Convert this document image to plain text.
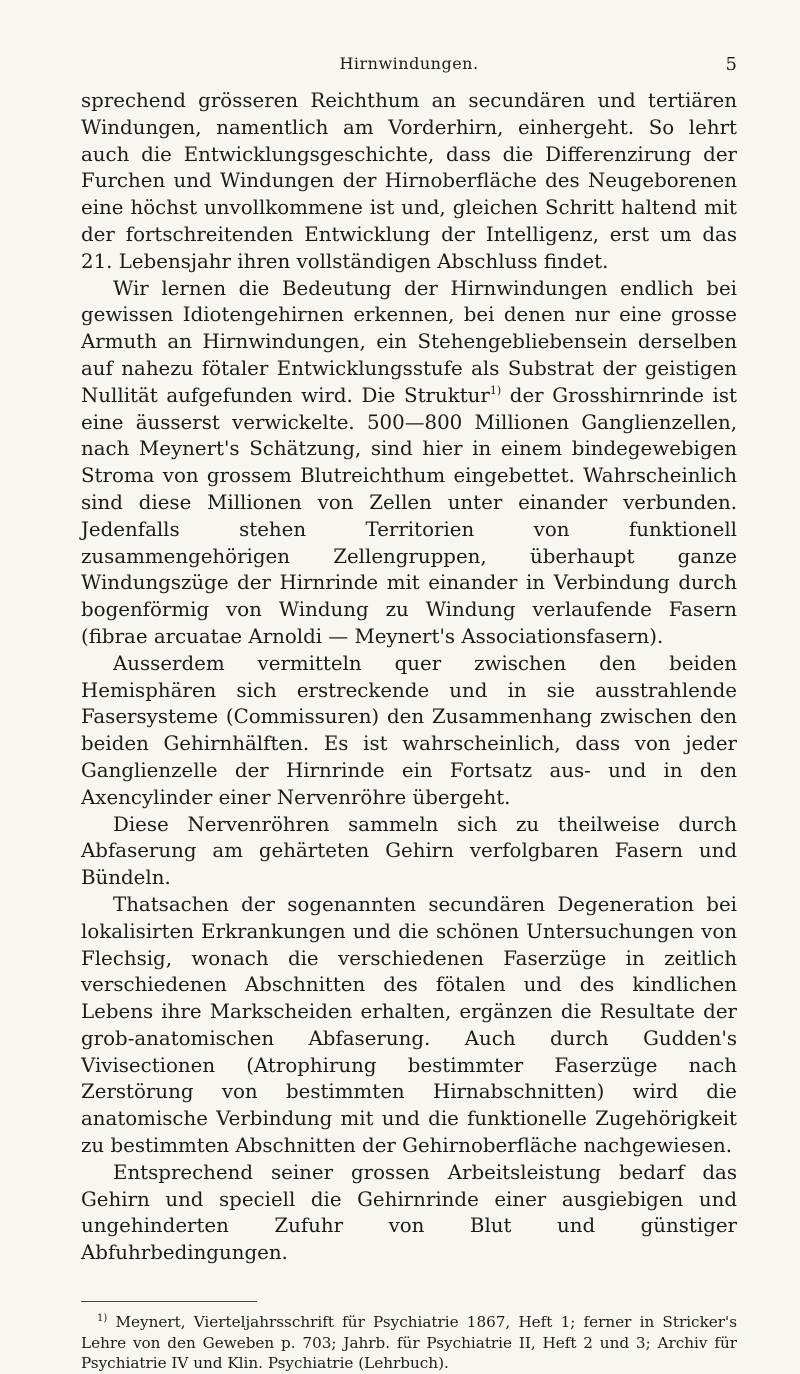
Hirnwindungen.	5

sprechend grösseren Reichthum an secundären und tertiären Windungen, namentlich am Vorderhirn, einhergeht. So lehrt auch die Entwicklungsgeschichte, dass die Differenzirung der Furchen und Windungen der Hirnoberfläche des Neugeborenen eine höchst unvollkommene ist und, gleichen Schritt haltend mit der fortschreitenden Entwicklung der Intelligenz, erst um das 21. Lebensjahr ihren vollständigen Abschluss findet.

Wir lernen die Bedeutung der Hirnwindungen endlich bei gewissen Idiotengehirnen erkennen, bei denen nur eine grosse Armuth an Hirnwindungen, ein Stehengebliebensein derselben auf nahezu fötaler Entwicklungsstufe als Substrat der geistigen Nullität aufgefunden wird. Die Struktur$^{1)}$ der Grosshirnrinde ist eine äusserst verwickelte. 500—800 Millionen Ganglienzellen, nach Meynert's Schätzung, sind hier in einem bindegewebigen Stroma von grossem Blutreichthum eingebettet. Wahrscheinlich sind diese Millionen von Zellen unter einander verbunden. Jedenfalls stehen Territorien von funktionell zusammengehörigen Zellengruppen, überhaupt ganze Windungszüge der Hirnrinde mit einander in Verbindung durch bogenförmig von Windung zu Windung verlaufende Fasern (fibrae arcuatae Arnoldi — Meynert's Associationsfasern).

Ausserdem vermitteln quer zwischen den beiden Hemisphären sich erstreckende und in sie ausstrahlende Fasersysteme (Commissuren) den Zusammenhang zwischen den beiden Gehirnhälften. Es ist wahrscheinlich, dass von jeder Ganglienzelle der Hirnrinde ein Fortsatz aus- und in den Axencylinder einer Nervenröhre übergeht.

Diese Nervenröhren sammeln sich zu theilweise durch Abfaserung am gehärteten Gehirn verfolgbaren Fasern und Bündeln.

Thatsachen der sogenannten secundären Degeneration bei lokalisirten Erkrankungen und die schönen Untersuchungen von Flechsig, wonach die verschiedenen Faserzüge in zeitlich verschiedenen Abschnitten des fötalen und des kindlichen Lebens ihre Markscheiden erhalten, ergänzen die Resultate der grob-anatomischen Abfaserung. Auch durch Gudden's Vivisectionen (Atrophirung bestimmter Faserzüge nach Zerstörung von bestimmten Hirnabschnitten) wird die anatomische Verbindung mit und die funktionelle Zugehörigkeit zu bestimmten Abschnitten der Gehirnoberfläche nachgewiesen.

Entsprechend seiner grossen Arbeitsleistung bedarf das Gehirn und speciell die Gehirnrinde einer ausgiebigen und ungehinderten Zufuhr von Blut und günstiger Abfuhrbedingungen.

$^{1)}$ Meynert, Vierteljahrsschrift für Psychiatrie 1867, Heft 1; ferner in Stricker's Lehre von den Geweben p. 703; Jahrb. für Psychiatrie II, Heft 2 und 3; Archiv für Psychiatrie IV und Klin. Psychiatrie (Lehrbuch).
